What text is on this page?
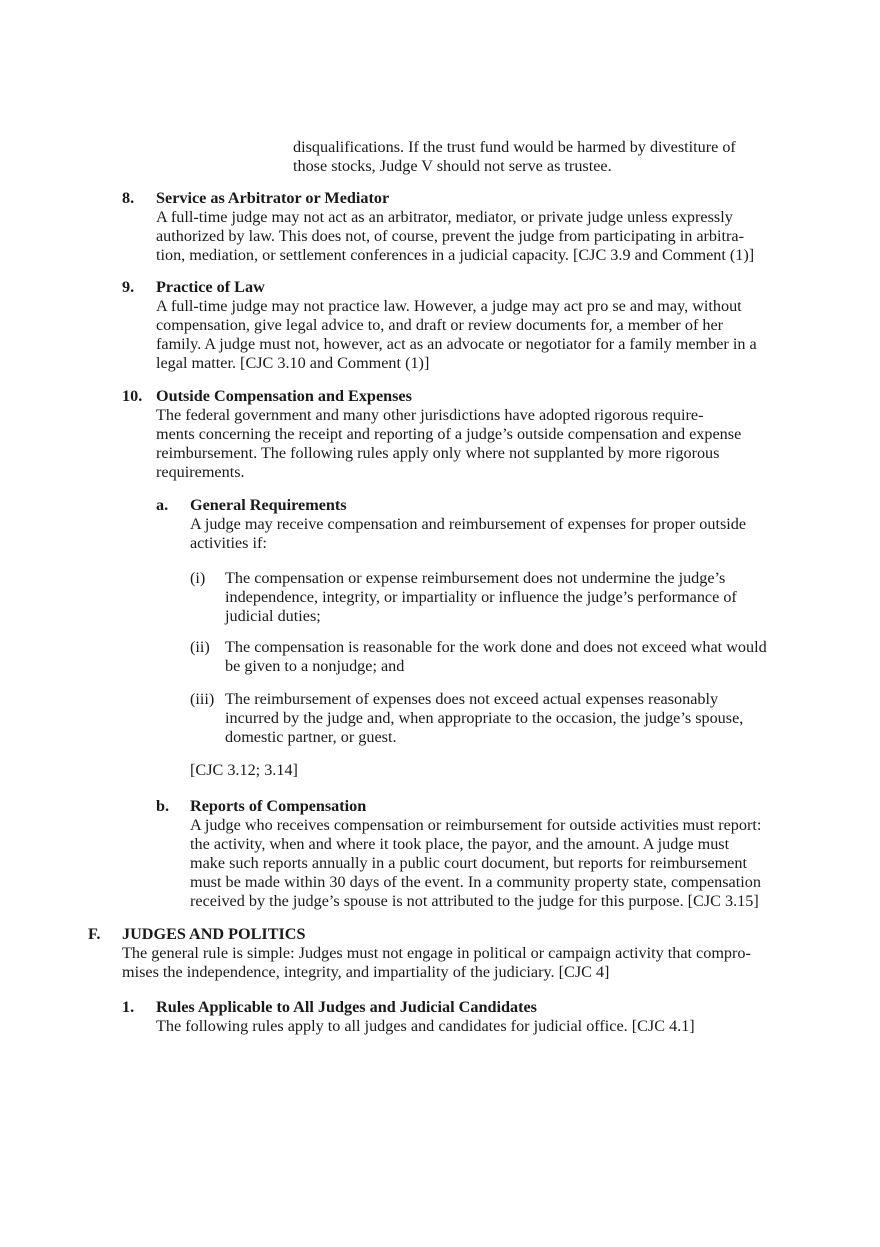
disqualifications. If the trust fund would be harmed by divestiture of

those stocks, Judge V should not serve as trustee.

8. Service as Arbitrator or Mediator

A full-time judge may not act as an arbitrator, mediator, or private judge unless expressly

authorized by law. This does not, of course, prevent the judge from participating in arbitra-

tion, mediation, or settlement conferences in a judicial capacity. [CJC 3.9 and Comment (1)]

9. Practice of Law

A full-time judge may not practice law. However, a judge may act pro se and may, without

compensation, give legal advice to, and draft or review documents for, a member of her

family. A judge must not, however, act as an advocate or negotiator for a family member in a

legal matter. [CJC 3.10 and Comment (1)]

10. Outside Compensation and Expenses

The federal government and many other jurisdictions have adopted rigorous require-

ments concerning the receipt and reporting of a judge’s outside compensation and expense

reimbursement. The following rules apply only where not supplanted by more rigorous

requirements.

a. General Requirements

A judge may receive compensation and reimbursement of expenses for proper outside

activities if:

(i) The compensation or expense reimbursement does not undermine the judge’s

independence, integrity, or impartiality or influence the judge’s performance of

judicial duties;

(ii) The compensation is reasonable for the work done and does not exceed what would

be given to a nonjudge; and

(iii) The reimbursement of expenses does not exceed actual expenses reasonably

incurred by the judge and, when appropriate to the occasion, the judge’s spouse,

domestic partner, or guest.

[CJC 3.12; 3.14]

b. Reports of Compensation

A judge who receives compensation or reimbursement for outside activities must report:

the activity, when and where it took place, the payor, and the amount. A judge must

make such reports annually in a public court document, but reports for reimbursement

must be made within 30 days of the event. In a community property state, compensation

received by the judge’s spouse is not attributed to the judge for this purpose. [CJC 3.15]

F. JUDGES AND POLITICS

The general rule is simple: Judges must not engage in political or campaign activity that compro-

mises the independence, integrity, and impartiality of the judiciary. [CJC 4]

1. Rules Applicable to All Judges and Judicial Candidates

The following rules apply to all judges and candidates for judicial office. [CJC 4.1]
